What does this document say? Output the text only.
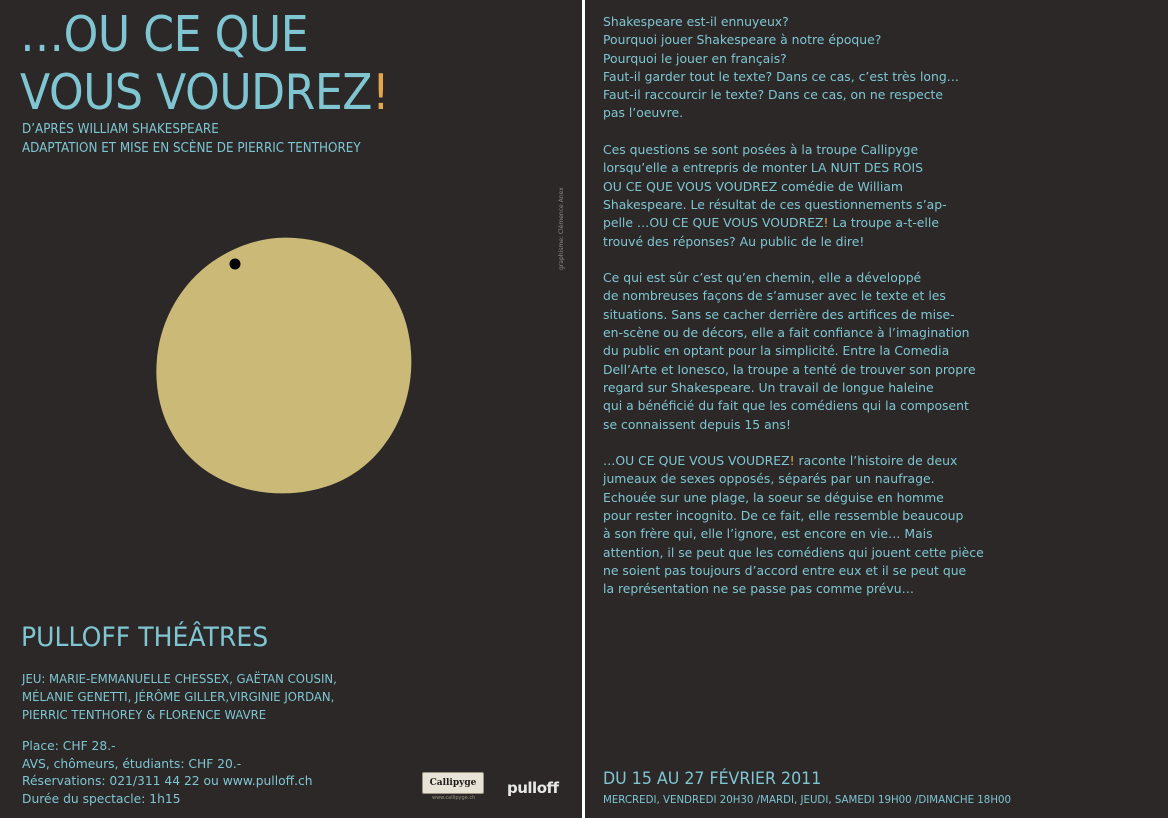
…OU CE QUE
VOUS VOUDREZ!
D’APRÈS WILLIAM SHAKESPEARE
ADAPTATION ET MISE EN SCÈNE DE PIERRIC TENTHOREY
graphisme: Clémence Anex
PULLOFF THÉÂTRES
JEU: MARIE-EMMANUELLE CHESSEX, GAËTAN COUSIN,
MÉLANIE GENETTI, JÉRÔME GILLER,VIRGINIE JORDAN,
PIERRIC TENTHOREY & FLORENCE WAVRE
Place: CHF 28.-
AVS, chômeurs, étudiants: CHF 20.-
Réservations: 021/311 44 22 ou www.pulloff.ch
Durée du spectacle: 1h15
Callipyge
www.callipyge.ch
pulloff

Shakespeare est-il ennuyeux?
Pourquoi jouer Shakespeare à notre époque?
Pourquoi le jouer en français?
Faut-il garder tout le texte? Dans ce cas, c’est très long…
Faut-il raccourcir le texte? Dans ce cas, on ne respecte
pas l’oeuvre.

Ces questions se sont posées à la troupe Callipyge
lorsqu’elle a entrepris de monter LA NUIT DES ROIS
OU CE QUE VOUS VOUDREZ comédie de William
Shakespeare. Le résultat de ces questionnements s’ap-
pelle …OU CE QUE VOUS VOUDREZ! La troupe a-t-elle
trouvé des réponses? Au public de le dire!

Ce qui est sûr c’est qu’en chemin, elle a développé
de nombreuses façons de s’amuser avec le texte et les
situations. Sans se cacher derrière des artifices de mise-
en-scène ou de décors, elle a fait confiance à l’imagination
du public en optant pour la simplicité. Entre la Comedia
Dell’Arte et Ionesco, la troupe a tenté de trouver son propre
regard sur Shakespeare. Un travail de longue haleine
qui a bénéficié du fait que les comédiens qui la composent
se connaissent depuis 15 ans!

…OU CE QUE VOUS VOUDREZ! raconte l’histoire de deux
jumeaux de sexes opposés, séparés par un naufrage.
Echouée sur une plage, la soeur se déguise en homme
pour rester incognito. De ce fait, elle ressemble beaucoup
à son frère qui, elle l’ignore, est encore en vie… Mais
attention, il se peut que les comédiens qui jouent cette pièce
ne soient pas toujours d’accord entre eux et il se peut que
la représentation ne se passe pas comme prévu…

DU 15 AU 27 FÉVRIER 2011
MERCREDI, VENDREDI 20H30 /MARDI, JEUDI, SAMEDI 19H00 /DIMANCHE 18H00
